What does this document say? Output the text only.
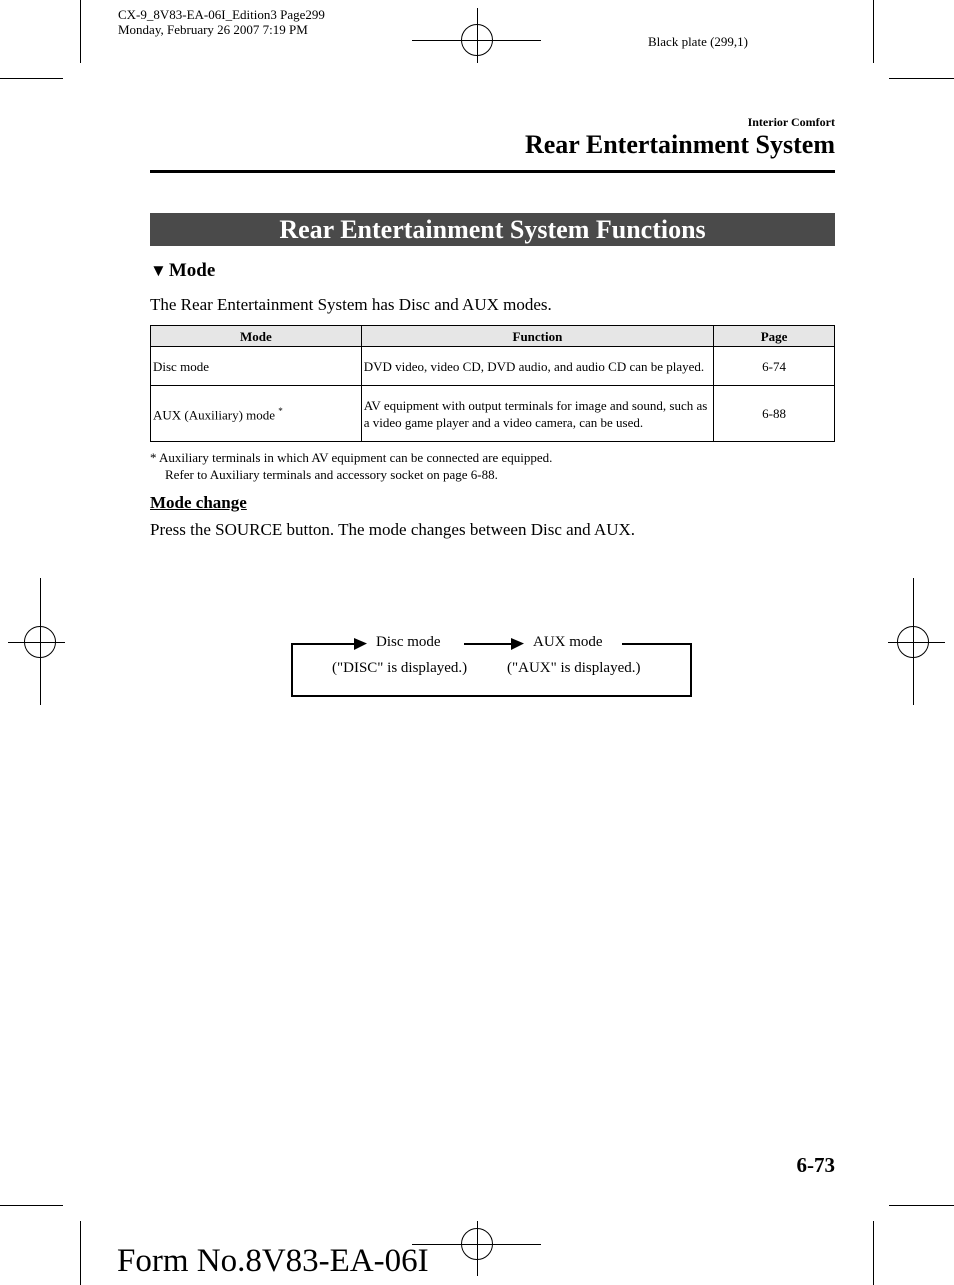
CX-9_8V83-EA-06I_Edition3 Page299
Monday, February 26 2007 7:19 PM
Black plate (299,1)
Interior Comfort
Rear Entertainment System
Rear Entertainment System Functions
▼ Mode
The Rear Entertainment System has Disc and AUX modes.
Mode	Function	Page
Disc mode	DVD video, video CD, DVD audio, and audio CD can be played.	6-74
AUX (Auxiliary) mode *	AV equipment with output terminals for image and sound, such as a video game player and a video camera, can be used.	6-88
* Auxiliary terminals in which AV equipment can be connected are equipped.
Refer to Auxiliary terminals and accessory socket on page 6-88.
Mode change
Press the SOURCE button. The mode changes between Disc and AUX.
Disc mode	AUX mode
("DISC" is displayed.)	("AUX" is displayed.)
6-73
Form No.8V83-EA-06I
